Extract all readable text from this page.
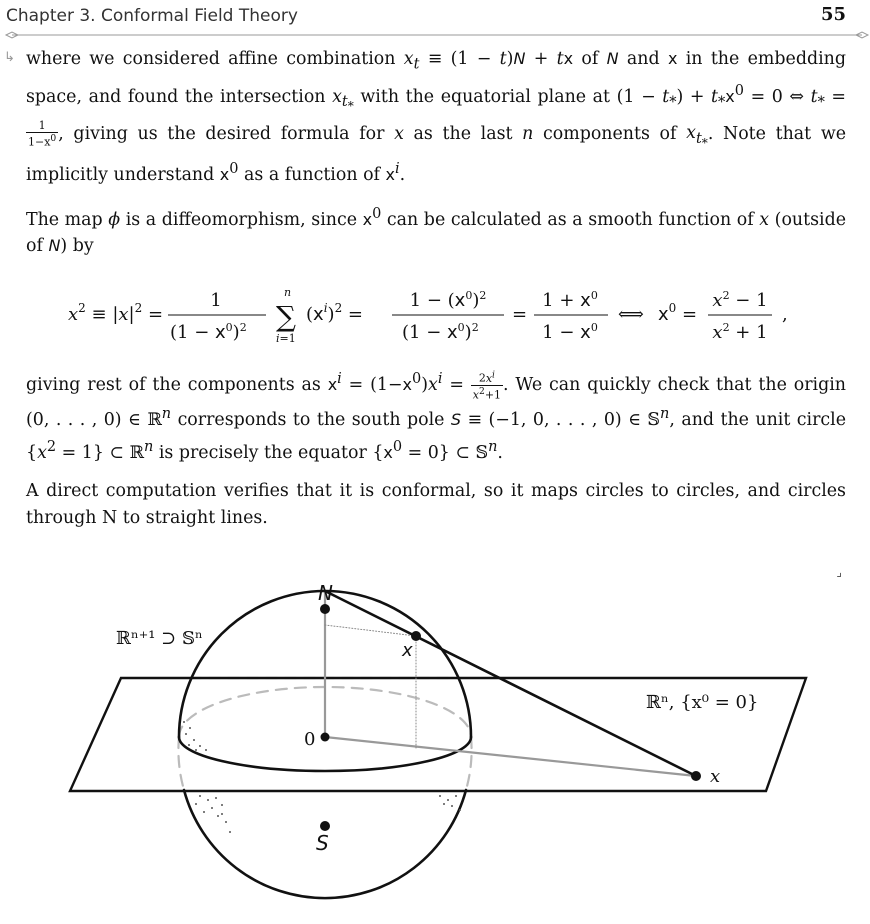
Chapter 3. Conformal Field Theory	55
↳ where we considered affine combination $x_t \equiv (1 - t)N$ + tx of N and x in the embedding space, and found the intersection $x_{t_*}$ with the equatorial plane at $(1 - t_*) + t_*x^0 = 0$ ⇔ $t_*$ =
$\frac{1}{1-x^0}$ , giving us the desired formula for x as the last n components of $x_{t_*}$. Note that we implicitly understand $x^0$ as a function of $x^i$.

The map ϕ is a diffeomorphism, since $x^0$ can be calculated as a smooth function of x (outside of N) by

$x^2 \equiv |x|^2$ =
1
$(1 - x^0)^2$ ∑
n
i=1
$(x^i)^2$ =
$1 - (x^0)^2$
$(1 - x^0)^2$
=
$1 + x^0$
$1 - x^0$
⟺ $x^0$ =
$x^2 - 1$
$x^2 + 1$
,

giving rest of the components as $x^i = (1-x^0)x^i = \frac{2x^i}{x^2+1}$ . We can quickly check that the origin (0, . . . , 0) ∈ ℝ$^n$ corresponds to the south pole S ≡ (−1, 0, . . . , 0) ∈ 𝕊$^n$, and the unit circle $\{x^2 = 1\}$ ⊂ ℝ$^n$ is precisely the equator $\{x^0 = 0\}$ ⊂ 𝕊$^n$.

A direct computation verifies that it is conformal, so it maps circles to circles, and circles through N to straight lines.

⌟
N
S
x
x
0
ℝⁿ⁺¹ ⊃ 𝕊ⁿ
ℝⁿ, {x⁰ = 0}
